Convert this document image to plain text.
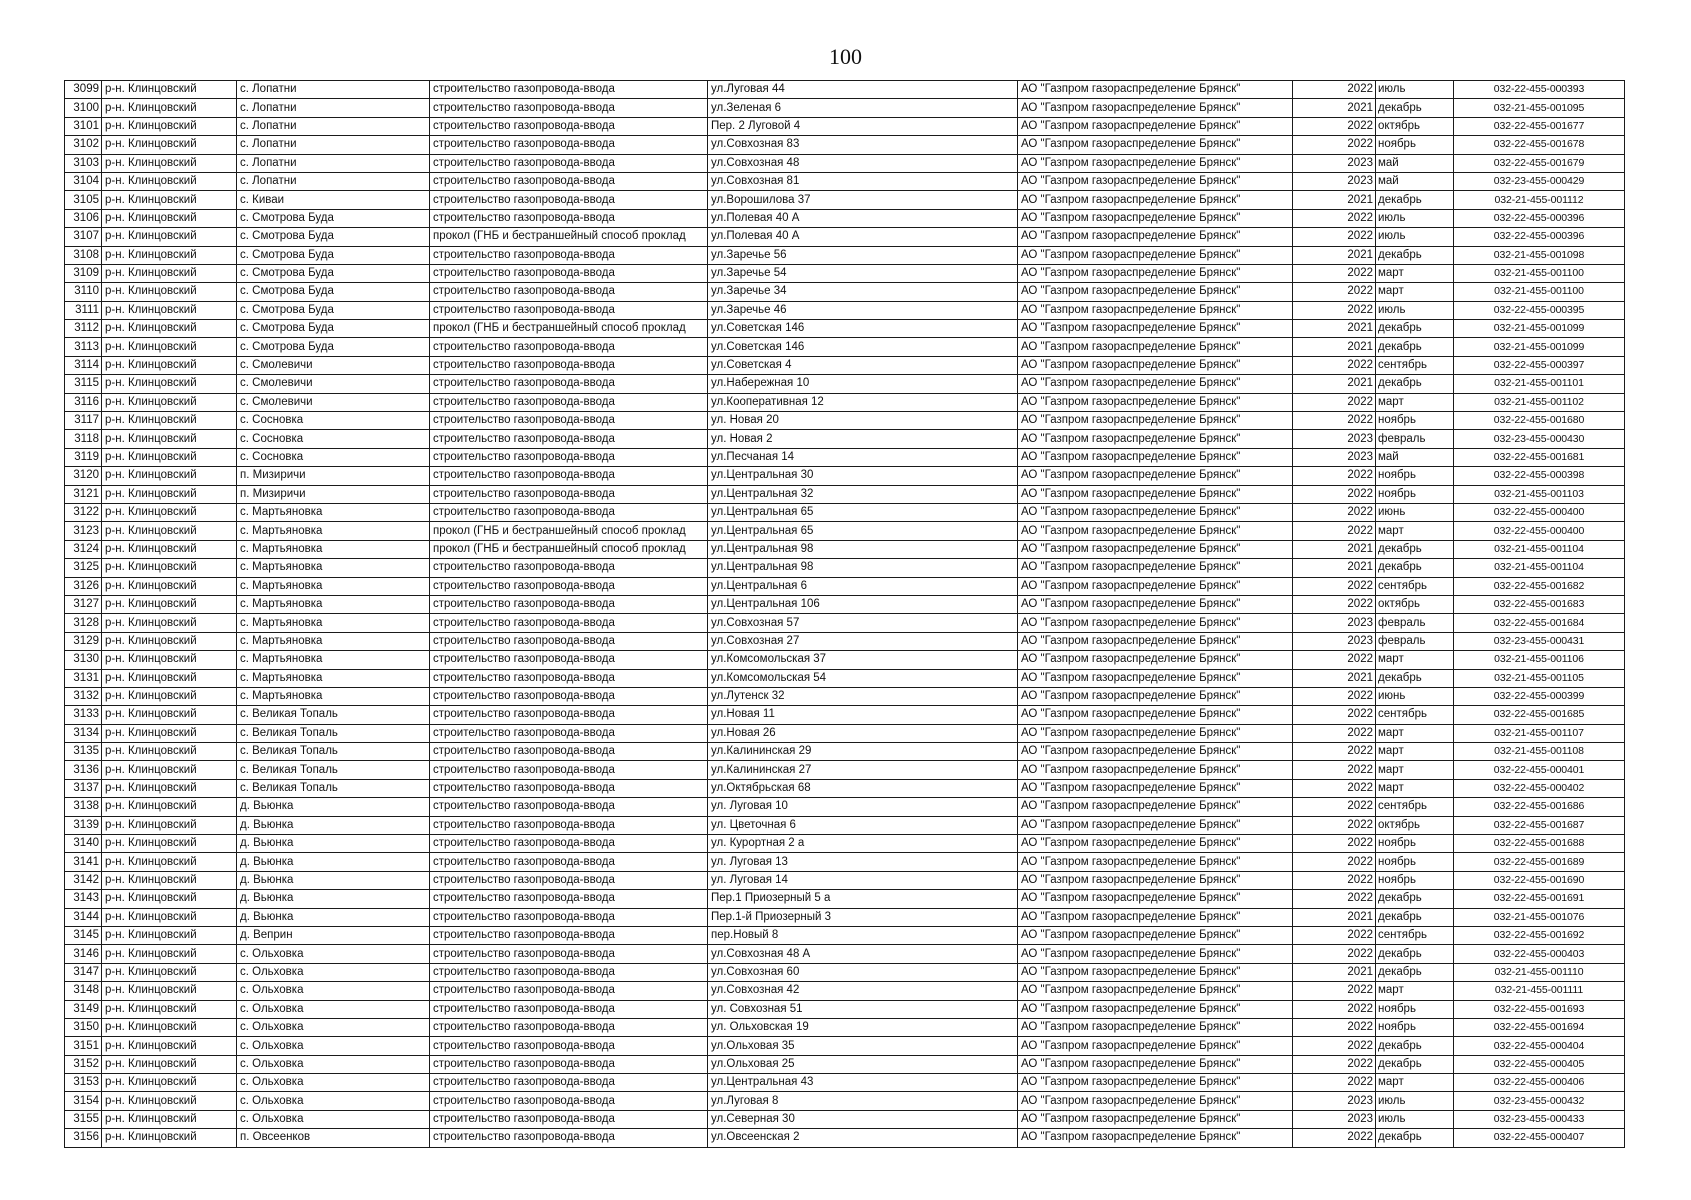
100
3099	р-н. Клинцовский	с. Лопатни	строительство газопровода-ввода	ул.Луговая 44	АО "Газпром газораспределение Брянск"	2022	июль	032-22-455-000393
3100	р-н. Клинцовский	с. Лопатни	строительство газопровода-ввода	ул.Зеленая 6	АО "Газпром газораспределение Брянск"	2021	декабрь	032-21-455-001095
3101	р-н. Клинцовский	с. Лопатни	строительство газопровода-ввода	Пер. 2 Луговой 4	АО "Газпром газораспределение Брянск"	2022	октябрь	032-22-455-001677
3102	р-н. Клинцовский	с. Лопатни	строительство газопровода-ввода	ул.Совхозная 83	АО "Газпром газораспределение Брянск"	2022	ноябрь	032-22-455-001678
3103	р-н. Клинцовский	с. Лопатни	строительство газопровода-ввода	ул.Совхозная 48	АО "Газпром газораспределение Брянск"	2023	май	032-22-455-001679
3104	р-н. Клинцовский	с. Лопатни	строительство газопровода-ввода	ул.Совхозная 81	АО "Газпром газораспределение Брянск"	2023	май	032-23-455-000429
3105	р-н. Клинцовский	с. Киваи	строительство газопровода-ввода	ул.Ворошилова 37	АО "Газпром газораспределение Брянск"	2021	декабрь	032-21-455-001112
3106	р-н. Клинцовский	с. Смотрова Буда	строительство газопровода-ввода	ул.Полевая 40 А	АО "Газпром газораспределение Брянск"	2022	июль	032-22-455-000396
3107	р-н. Клинцовский	с. Смотрова Буда	прокол (ГНБ и бестраншейный способ проклад	ул.Полевая 40 А	АО "Газпром газораспределение Брянск"	2022	июль	032-22-455-000396
3108	р-н. Клинцовский	с. Смотрова Буда	строительство газопровода-ввода	ул.Заречье 56	АО "Газпром газораспределение Брянск"	2021	декабрь	032-21-455-001098
3109	р-н. Клинцовский	с. Смотрова Буда	строительство газопровода-ввода	ул.Заречье 54	АО "Газпром газораспределение Брянск"	2022	март	032-21-455-001100
3110	р-н. Клинцовский	с. Смотрова Буда	строительство газопровода-ввода	ул.Заречье 34	АО "Газпром газораспределение Брянск"	2022	март	032-21-455-001100
3111	р-н. Клинцовский	с. Смотрова Буда	строительство газопровода-ввода	ул.Заречье 46	АО "Газпром газораспределение Брянск"	2022	июль	032-22-455-000395
3112	р-н. Клинцовский	с. Смотрова Буда	прокол (ГНБ и бестраншейный способ проклад	ул.Советская 146	АО "Газпром газораспределение Брянск"	2021	декабрь	032-21-455-001099
3113	р-н. Клинцовский	с. Смотрова Буда	строительство газопровода-ввода	ул.Советская 146	АО "Газпром газораспределение Брянск"	2021	декабрь	032-21-455-001099
3114	р-н. Клинцовский	с. Смолевичи	строительство газопровода-ввода	ул.Советская 4	АО "Газпром газораспределение Брянск"	2022	сентябрь	032-22-455-000397
3115	р-н. Клинцовский	с. Смолевичи	строительство газопровода-ввода	ул.Набережная 10	АО "Газпром газораспределение Брянск"	2021	декабрь	032-21-455-001101
3116	р-н. Клинцовский	с. Смолевичи	строительство газопровода-ввода	ул.Кооперативная 12	АО "Газпром газораспределение Брянск"	2022	март	032-21-455-001102
3117	р-н. Клинцовский	с. Сосновка	строительство газопровода-ввода	ул. Новая 20	АО "Газпром газораспределение Брянск"	2022	ноябрь	032-22-455-001680
3118	р-н. Клинцовский	с. Сосновка	строительство газопровода-ввода	ул. Новая 2	АО "Газпром газораспределение Брянск"	2023	февраль	032-23-455-000430
3119	р-н. Клинцовский	с. Сосновка	строительство газопровода-ввода	ул.Песчаная 14	АО "Газпром газораспределение Брянск"	2023	май	032-22-455-001681
3120	р-н. Клинцовский	п. Мизиричи	строительство газопровода-ввода	ул.Центральная 30	АО "Газпром газораспределение Брянск"	2022	ноябрь	032-22-455-000398
3121	р-н. Клинцовский	п. Мизиричи	строительство газопровода-ввода	ул.Центральная 32	АО "Газпром газораспределение Брянск"	2022	ноябрь	032-21-455-001103
3122	р-н. Клинцовский	с. Мартьяновка	строительство газопровода-ввода	ул.Центральная 65	АО "Газпром газораспределение Брянск"	2022	июнь	032-22-455-000400
3123	р-н. Клинцовский	с. Мартьяновка	прокол (ГНБ и бестраншейный способ проклад	ул.Центральная 65	АО "Газпром газораспределение Брянск"	2022	март	032-22-455-000400
3124	р-н. Клинцовский	с. Мартьяновка	прокол (ГНБ и бестраншейный способ проклад	ул.Центральная 98	АО "Газпром газораспределение Брянск"	2021	декабрь	032-21-455-001104
3125	р-н. Клинцовский	с. Мартьяновка	строительство газопровода-ввода	ул.Центральная 98	АО "Газпром газораспределение Брянск"	2021	декабрь	032-21-455-001104
3126	р-н. Клинцовский	с. Мартьяновка	строительство газопровода-ввода	ул.Центральная 6	АО "Газпром газораспределение Брянск"	2022	сентябрь	032-22-455-001682
3127	р-н. Клинцовский	с. Мартьяновка	строительство газопровода-ввода	ул.Центральная 106	АО "Газпром газораспределение Брянск"	2022	октябрь	032-22-455-001683
3128	р-н. Клинцовский	с. Мартьяновка	строительство газопровода-ввода	ул.Совхозная 57	АО "Газпром газораспределение Брянск"	2023	февраль	032-22-455-001684
3129	р-н. Клинцовский	с. Мартьяновка	строительство газопровода-ввода	ул.Совхозная 27	АО "Газпром газораспределение Брянск"	2023	февраль	032-23-455-000431
3130	р-н. Клинцовский	с. Мартьяновка	строительство газопровода-ввода	ул.Комсомольская 37	АО "Газпром газораспределение Брянск"	2022	март	032-21-455-001106
3131	р-н. Клинцовский	с. Мартьяновка	строительство газопровода-ввода	ул.Комсомольская 54	АО "Газпром газораспределение Брянск"	2021	декабрь	032-21-455-001105
3132	р-н. Клинцовский	с. Мартьяновка	строительство газопровода-ввода	ул.Лутенск 32	АО "Газпром газораспределение Брянск"	2022	июнь	032-22-455-000399
3133	р-н. Клинцовский	с. Великая Топаль	строительство газопровода-ввода	ул.Новая 11	АО "Газпром газораспределение Брянск"	2022	сентябрь	032-22-455-001685
3134	р-н. Клинцовский	с. Великая Топаль	строительство газопровода-ввода	ул.Новая 26	АО "Газпром газораспределение Брянск"	2022	март	032-21-455-001107
3135	р-н. Клинцовский	с. Великая Топаль	строительство газопровода-ввода	ул.Калининская 29	АО "Газпром газораспределение Брянск"	2022	март	032-21-455-001108
3136	р-н. Клинцовский	с. Великая Топаль	строительство газопровода-ввода	ул.Калининская 27	АО "Газпром газораспределение Брянск"	2022	март	032-22-455-000401
3137	р-н. Клинцовский	с. Великая Топаль	строительство газопровода-ввода	ул.Октябрьская 68	АО "Газпром газораспределение Брянск"	2022	март	032-22-455-000402
3138	р-н. Клинцовский	д. Вьюнка	строительство газопровода-ввода	ул. Луговая 10	АО "Газпром газораспределение Брянск"	2022	сентябрь	032-22-455-001686
3139	р-н. Клинцовский	д. Вьюнка	строительство газопровода-ввода	ул. Цветочная 6	АО "Газпром газораспределение Брянск"	2022	октябрь	032-22-455-001687
3140	р-н. Клинцовский	д. Вьюнка	строительство газопровода-ввода	ул. Курортная 2 а	АО "Газпром газораспределение Брянск"	2022	ноябрь	032-22-455-001688
3141	р-н. Клинцовский	д. Вьюнка	строительство газопровода-ввода	ул. Луговая 13	АО "Газпром газораспределение Брянск"	2022	ноябрь	032-22-455-001689
3142	р-н. Клинцовский	д. Вьюнка	строительство газопровода-ввода	ул. Луговая 14	АО "Газпром газораспределение Брянск"	2022	ноябрь	032-22-455-001690
3143	р-н. Клинцовский	д. Вьюнка	строительство газопровода-ввода	Пер.1 Приозерный 5 а	АО "Газпром газораспределение Брянск"	2022	декабрь	032-22-455-001691
3144	р-н. Клинцовский	д. Вьюнка	строительство газопровода-ввода	Пер.1-й Приозерный 3	АО "Газпром газораспределение Брянск"	2021	декабрь	032-21-455-001076
3145	р-н. Клинцовский	д. Веприн	строительство газопровода-ввода	пер.Новый 8	АО "Газпром газораспределение Брянск"	2022	сентябрь	032-22-455-001692
3146	р-н. Клинцовский	с. Ольховка	строительство газопровода-ввода	ул.Совхозная 48 А	АО "Газпром газораспределение Брянск"	2022	декабрь	032-22-455-000403
3147	р-н. Клинцовский	с. Ольховка	строительство газопровода-ввода	ул.Совхозная 60	АО "Газпром газораспределение Брянск"	2021	декабрь	032-21-455-001110
3148	р-н. Клинцовский	с. Ольховка	строительство газопровода-ввода	ул.Совхозная 42	АО "Газпром газораспределение Брянск"	2022	март	032-21-455-001111
3149	р-н. Клинцовский	с. Ольховка	строительство газопровода-ввода	ул. Совхозная 51	АО "Газпром газораспределение Брянск"	2022	ноябрь	032-22-455-001693
3150	р-н. Клинцовский	с. Ольховка	строительство газопровода-ввода	ул. Ольховская 19	АО "Газпром газораспределение Брянск"	2022	ноябрь	032-22-455-001694
3151	р-н. Клинцовский	с. Ольховка	строительство газопровода-ввода	ул.Ольховая 35	АО "Газпром газораспределение Брянск"	2022	декабрь	032-22-455-000404
3152	р-н. Клинцовский	с. Ольховка	строительство газопровода-ввода	ул.Ольховая 25	АО "Газпром газораспределение Брянск"	2022	декабрь	032-22-455-000405
3153	р-н. Клинцовский	с. Ольховка	строительство газопровода-ввода	ул.Центральная 43	АО "Газпром газораспределение Брянск"	2022	март	032-22-455-000406
3154	р-н. Клинцовский	с. Ольховка	строительство газопровода-ввода	ул.Луговая 8	АО "Газпром газораспределение Брянск"	2023	июль	032-23-455-000432
3155	р-н. Клинцовский	с. Ольховка	строительство газопровода-ввода	ул.Северная 30	АО "Газпром газораспределение Брянск"	2023	июль	032-23-455-000433
3156	р-н. Клинцовский	п. Овсеенков	строительство газопровода-ввода	ул.Овсеенская 2	АО "Газпром газораспределение Брянск"	2022	декабрь	032-22-455-000407
